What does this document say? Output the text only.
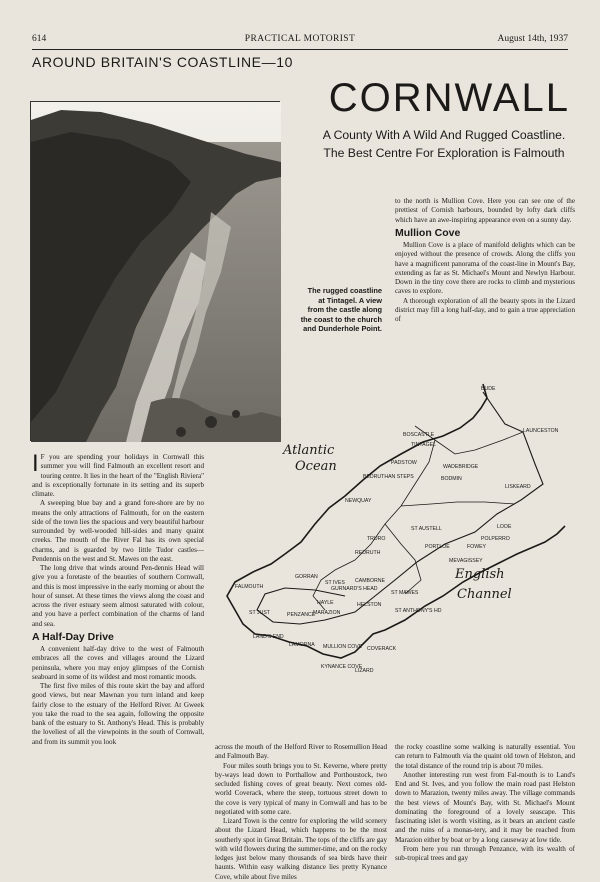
614	PRACTICAL MOTORIST	August 14th, 1937
AROUND BRITAIN'S COASTLINE—10
CORNWALL
A County With A Wild And Rugged Coastline. The Best Centre For Exploration is Falmouth
The rugged coastline at Tintagel. A view from the castle along the coast to the church and Dunderhole Point.

to the north is Mullion Cove. Here you can see one of the prettiest of Cornish harbours, bounded by lofty dark cliffs which have an awe-inspiring appearance even on a sunny day.

Mullion Cove

Mullion Cove is a place of manifold delights which can be enjoyed without the presence of crowds. Along the cliffs you have a magnificent panorama of the coast-line in Mount's Bay, extending as far as St. Michael's Mount and Newlyn Harbour. Down in the tiny cove there are rocks to climb and mysterious caves to explore.

A thorough exploration of all the beauty spots in the Lizard district may fill a long half-day, and to gain a true appreciation of

BUDE
LAUNCESTON
BOSCASTLE
TINTAGEL
PADSTOW
WADEBRIDGE
BODMIN
LISKEARD
BEDRUTHAN STEPS
NEWQUAY
ST AUSTELL	LOOE
POLPERRO
FOWEY
MEVAGISSEY
REDRUTH
TRURO
PORTLOE
GORRAN
ST IVES CAMBORNE
FALMOUTH	GURNARD'S HEAD
HAYLE
MARAZION
HELSTON
ST MAWES
PENZANCE
ST ANTHONY'S HD
ST JUST
LAND'S END
LAMORNA MULLION COVE COVERACK
KYNANCE COVE
LIZARD
Atlantic
Ocean
English
Channel

I F you are spending your holidays in Cornwall this summer you will find Falmouth an excellent resort and touring centre. It lies in the heart of the "English Riviera" and is exceptionally fortunate in its setting and its superb climate.

A sweeping blue bay and a grand fore-shore are by no means the only attractions of Falmouth, for on the eastern side of the town lies the spacious and very beautiful harbour surrounded by well-wooded hill-sides and many quaint creeks. The mouth of the River Fal has its own special charms, and is guarded by two little Tudor castles—Pendennis on the west and St. Mawes on the east.

The long drive that winds around Pen-dennis Head will give you a foretaste of the beauties of southern Cornwall, and this is most impressive in the early morning or about the hour of sunset. At these times the views along the coast and across the river estuary seem almost saturated with colour, and you have a perfect combination of the charms of land and sea.

A Half-Day Drive

A convenient half-day drive to the west of Falmouth embraces all the coves and villages around the Lizard peninsula, where you may enjoy glimpses of the Cornish seaboard in some of its wildest and most romantic moods.

The first five miles of this route skirt the bay and afford good views, but near Mawnan you turn inland and keep fairly close to the estuary of the Helford River. At Gweek you take the road to the sea again, following the opposite bank of the estuary to St. Anthony's Head. This is probably the loveliest of all the viewpoints in the south of Cornwall, and from its summit you look

across the mouth of the Helford River to Rosemullion Head and Falmouth Bay.

Four miles south brings you to St. Keverne, where pretty by-ways lead down to Porthallow and Porthoustock, two secluded fishing coves of great beauty. Next comes old-world Coverack, where the steep, tortuous street down to the cove is very typical of many in Cornwall and has to be negotiated with some care.

Lizard Town is the centre for exploring the wild scenery about the Lizard Head, which happens to be the most southerly spot in Great Britain. The tops of the cliffs are gay with wild flowers during the summer-time, and on the rocky ledges just below many thousands of sea birds have their haunts. Within easy walking distance lies pretty Kynance Cove, while about five miles

the rocky coastline some walking is naturally essential. You can return to Falmouth via the quaint old town of Helston, and the total distance of the round trip is about 70 miles.

Another interesting run west from Fal-mouth is to Land's End and St. Ives, and you follow the main road past Helston down to Marazion, twenty miles away. The village commands the best views of Mount's Bay, with St. Michael's Mount dominating the foreground of a lovely seascape. This fascinating islet is worth visiting, as it bears an ancient castle and the ruins of a monas-tery, and it may be reached from Marazion either by boat or by a long causeway at low tide.

From here you run through Penzance, with its wealth of sub-tropical trees and gay
